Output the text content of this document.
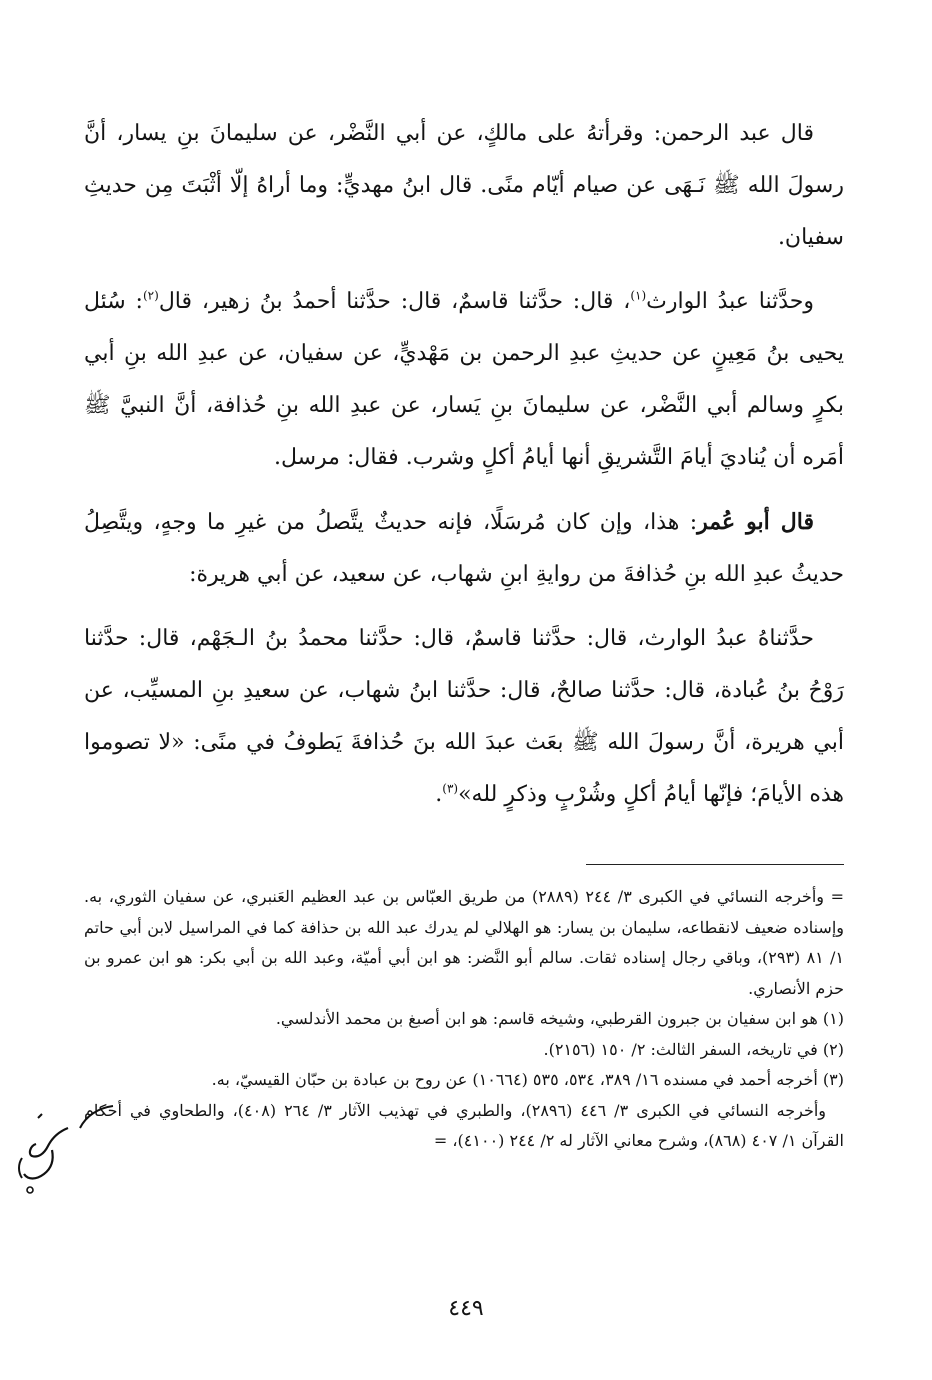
قال عبد الرحمن: وقرأتهُ على مالكٍ، عن أبي النَّضْر، عن سليمانَ بنِ يسار، أنَّ رسولَ الله ﷺ نَـهَى عن صيام أيّام منًى. قال ابنُ مهديٍّ: وما أراهُ إلّا أثْبَتَ مِن حديثِ سفيان.

وحدَّثنا عبدُ الوارث$^{(١)}$، قال: حدَّثنا قاسمٌ، قال: حدَّثنا أحمدُ بنُ زهير، قال$^{(٢)}$: سُئل يحيى بنُ مَعِينٍ عن حديثِ عبدِ الرحمن بن مَهْديٍّ، عن سفيان، عن عبدِ الله بنِ أبي بكرٍ وسالم أبي النَّضْر، عن سليمانَ بنِ يَسار، عن عبدِ الله بنِ حُذافة، أنَّ النبيَّ ﷺ أمَره أن يُناديَ أيامَ التَّشريقِ أنها أيامُ أكلٍ وشرب. فقال: مرسل.

قال أبو عُمر: هذا، وإن كان مُرسَلًا، فإنه حديثٌ يتَّصلُ من غيرِ ما وجهٍ، ويتَّصِلُ حديثُ عبدِ الله بنِ حُذافةَ من روايةِ ابنِ شهاب، عن سعيد، عن أبي هريرة:

حدَّثناهُ عبدُ الوارث، قال: حدَّثنا قاسمٌ، قال: حدَّثنا محمدُ بنُ الـجَهْم، قال: حدَّثنا رَوْحُ بنُ عُبادة، قال: حدَّثنا صالحٌ، قال: حدَّثنا ابنُ شهاب، عن سعيدِ بنِ المسيِّب، عن أبي هريرة، أنَّ رسولَ الله ﷺ بعَث عبدَ الله بنَ حُذافةَ يَطوفُ في منًى: «لا تصوموا هذه الأيامَ؛ فإنّها أيامُ أكلٍ وشُرْبٍ وذكرٍ لله»$^{(٣)}$.

= وأخرجه النسائي في الكبرى ٣/ ٢٤٤ (٢٨٨٩) من طريق العبّاس بن عبد العظيم العَنبري، عن سفيان الثوري، به. وإسناده ضعيف لانقطاعه، سليمان بن يسار: هو الهلالي لم يدرك عبد الله بن حذافة كما في المراسيل لابن أبي حاتم ١/ ٨١ (٢٩٣)، وباقي رجال إسناده ثقات. سالم أبو النَّضر: هو ابن أبي أميّة، وعبد الله بن أبي بكر: هو ابن عمرو بن حزم الأنصاري.

(١) هو ابن سفيان بن جبرون القرطبي، وشيخه قاسم: هو ابن أصبغ بن محمد الأندلسي.

(٢) في تاريخه، السفر الثالث: ٢/ ١٥٠ (٢١٥٦).

(٣) أخرجه أحمد في مسنده ١٦/ ٣٨٩، ٥٣٤، ٥٣٥ (١٠٦٦٤) عن روح بن عبادة بن حبّان القيسيّ، به.

وأخرجه النسائي في الكبرى ٣/ ٤٤٦ (٢٨٩٦)، والطبري في تهذيب الآثار ٣/ ٢٦٤ (٤٠٨)، والطحاوي في أحكام القرآن ١/ ٤٠٧ (٨٦٨)، وشرح معاني الآثار له ٢/ ٢٤٤ (٤١٠٠)، =

٤٤٩
